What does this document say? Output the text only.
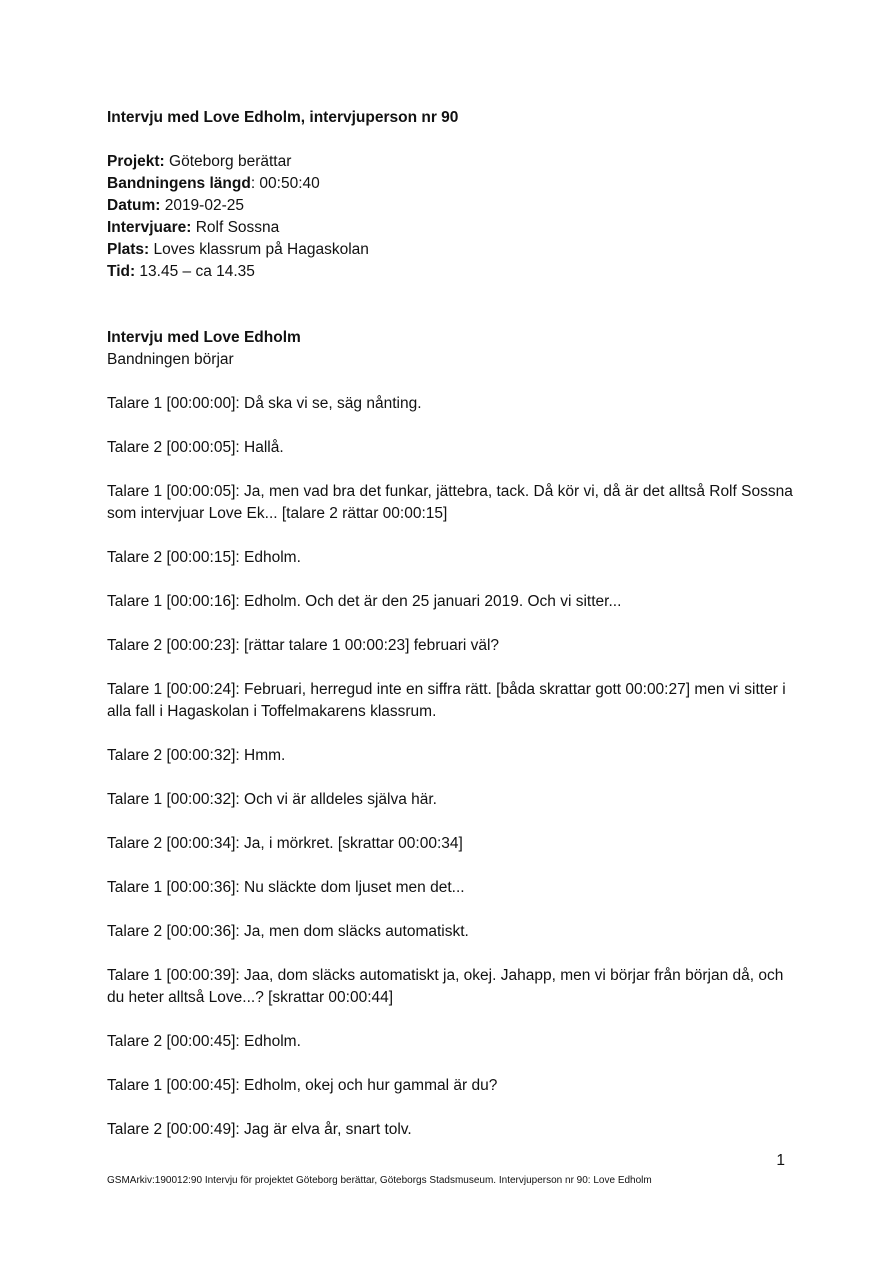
Intervju med Love Edholm, intervjuperson nr 90
Projekt: Göteborg berättar
Bandningens längd: 00:50:40
Datum: 2019-02-25
Intervjuare: Rolf Sossna
Plats: Loves klassrum på Hagaskolan
Tid: 13.45 – ca 14.35
Intervju med Love Edholm
Bandningen börjar

Talare 1 [00:00:00]: Då ska vi se, säg nånting.

Talare 2 [00:00:05]: Hallå.

Talare 1 [00:00:05]: Ja, men vad bra det funkar, jättebra, tack. Då kör vi, då är det alltså Rolf Sossna som intervjuar Love Ek... [talare 2 rättar 00:00:15]

Talare 2 [00:00:15]: Edholm.

Talare 1 [00:00:16]: Edholm. Och det är den 25 januari 2019. Och vi sitter...

Talare 2 [00:00:23]: [rättar talare 1 00:00:23] februari väl?

Talare 1 [00:00:24]: Februari, herregud inte en siffra rätt. [båda skrattar gott 00:00:27] men vi sitter i alla fall i Hagaskolan i Toffelmakarens klassrum.

Talare 2 [00:00:32]: Hmm.

Talare 1 [00:00:32]: Och vi är alldeles själva här.

Talare 2 [00:00:34]: Ja, i mörkret. [skrattar 00:00:34]

Talare 1 [00:00:36]: Nu släckte dom ljuset men det...

Talare 2 [00:00:36]: Ja, men dom släcks automatiskt.

Talare 1 [00:00:39]: Jaa, dom släcks automatiskt ja, okej. Jahapp, men vi börjar från början då, och du heter alltså Love...? [skrattar 00:00:44]

Talare 2 [00:00:45]: Edholm.

Talare 1 [00:00:45]: Edholm, okej och hur gammal är du?

Talare 2 [00:00:49]: Jag är elva år, snart tolv.

1
GSMArkiv:190012:90 Intervju för projektet Göteborg berättar, Göteborgs Stadsmuseum. Intervjuperson nr 90: Love Edholm
